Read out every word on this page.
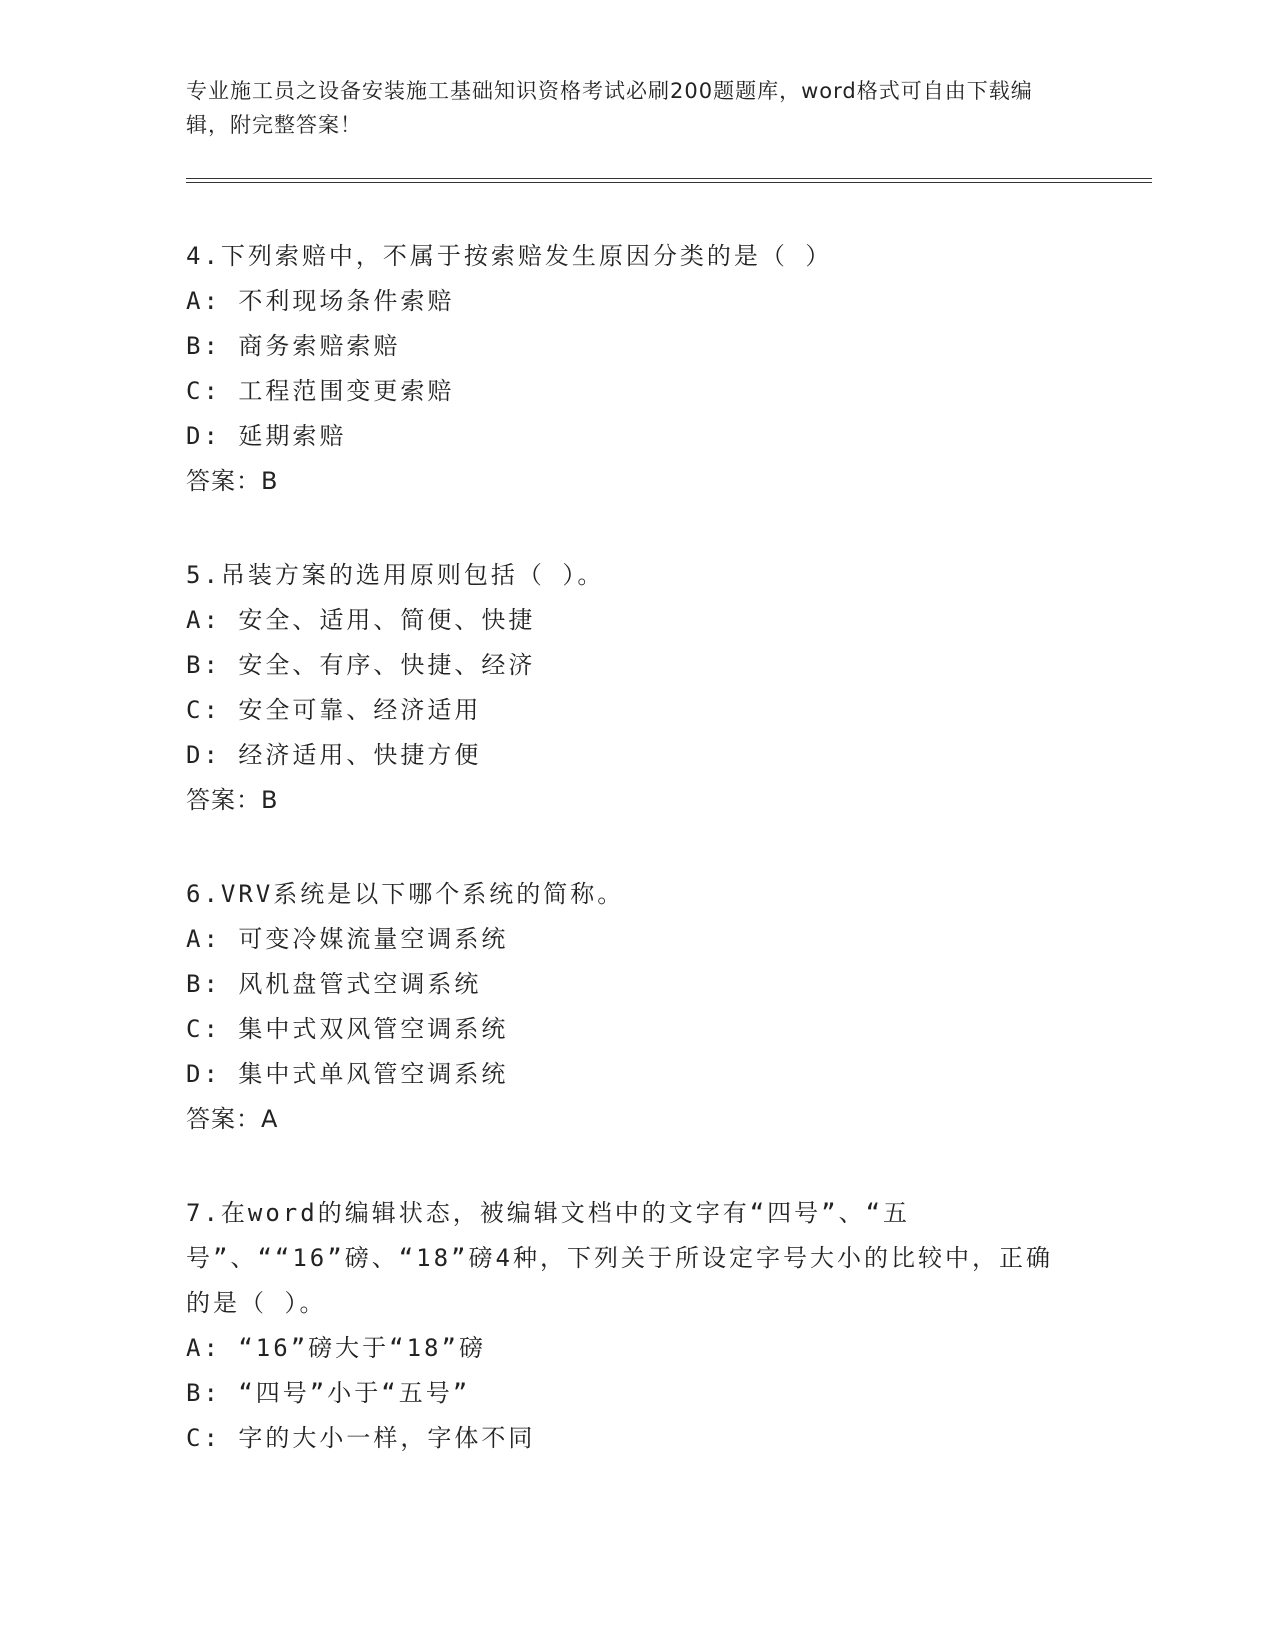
专业施工员之设备安装施工基础知识资格考试必刷200题题库，word格式可自由下载编辑，附完整答案！
4.下列索赔中，不属于按索赔发生原因分类的是（ ）
A: 不利现场条件索赔
B: 商务索赔索赔
C: 工程范围变更索赔
D: 延期索赔
答案：B
5.吊装方案的选用原则包括（ ）。
A: 安全、适用、简便、快捷
B: 安全、有序、快捷、经济
C: 安全可靠、经济适用
D: 经济适用、快捷方便
答案：B
6.VRV系统是以下哪个系统的简称。
A: 可变冷媒流量空调系统
B: 风机盘管式空调系统
C: 集中式双风管空调系统
D: 集中式单风管空调系统
答案：A
7.在word的编辑状态，被编辑文档中的文字有“四号”、“五号”、““16”磅、“18”磅4种，下列关于所设定字号大小的比较中，正确的是（ ）。
A: “16”磅大于“18”磅
B: “四号”小于“五号”
C: 字的大小一样，字体不同
